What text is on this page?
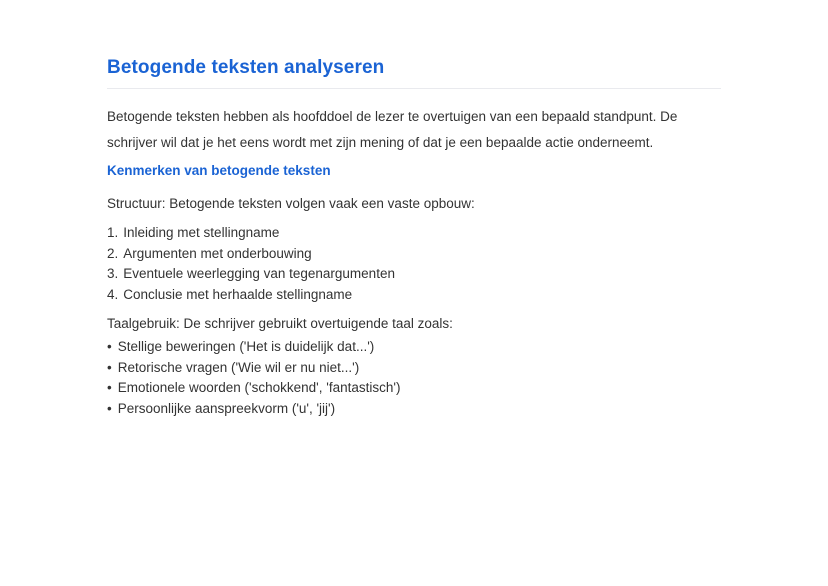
Betogende teksten analyseren

Betogende teksten hebben als hoofddoel de lezer te overtuigen van een bepaald standpunt. De schrijver wil dat je het eens wordt met zijn mening of dat je een bepaalde actie onderneemt.

Kenmerken van betogende teksten

Structuur: Betogende teksten volgen vaak een vaste opbouw:

1. Inleiding met stellingname
2. Argumenten met onderbouwing
3. Eventuele weerlegging van tegenargumenten
4. Conclusie met herhaalde stellingname

Taalgebruik: De schrijver gebruikt overtuigende taal zoals:

• Stellige beweringen ('Het is duidelijk dat...')
• Retorische vragen ('Wie wil er nu niet...')
• Emotionele woorden ('schokkend', 'fantastisch')
• Persoonlijke aanspreekvorm ('u', 'jij')
